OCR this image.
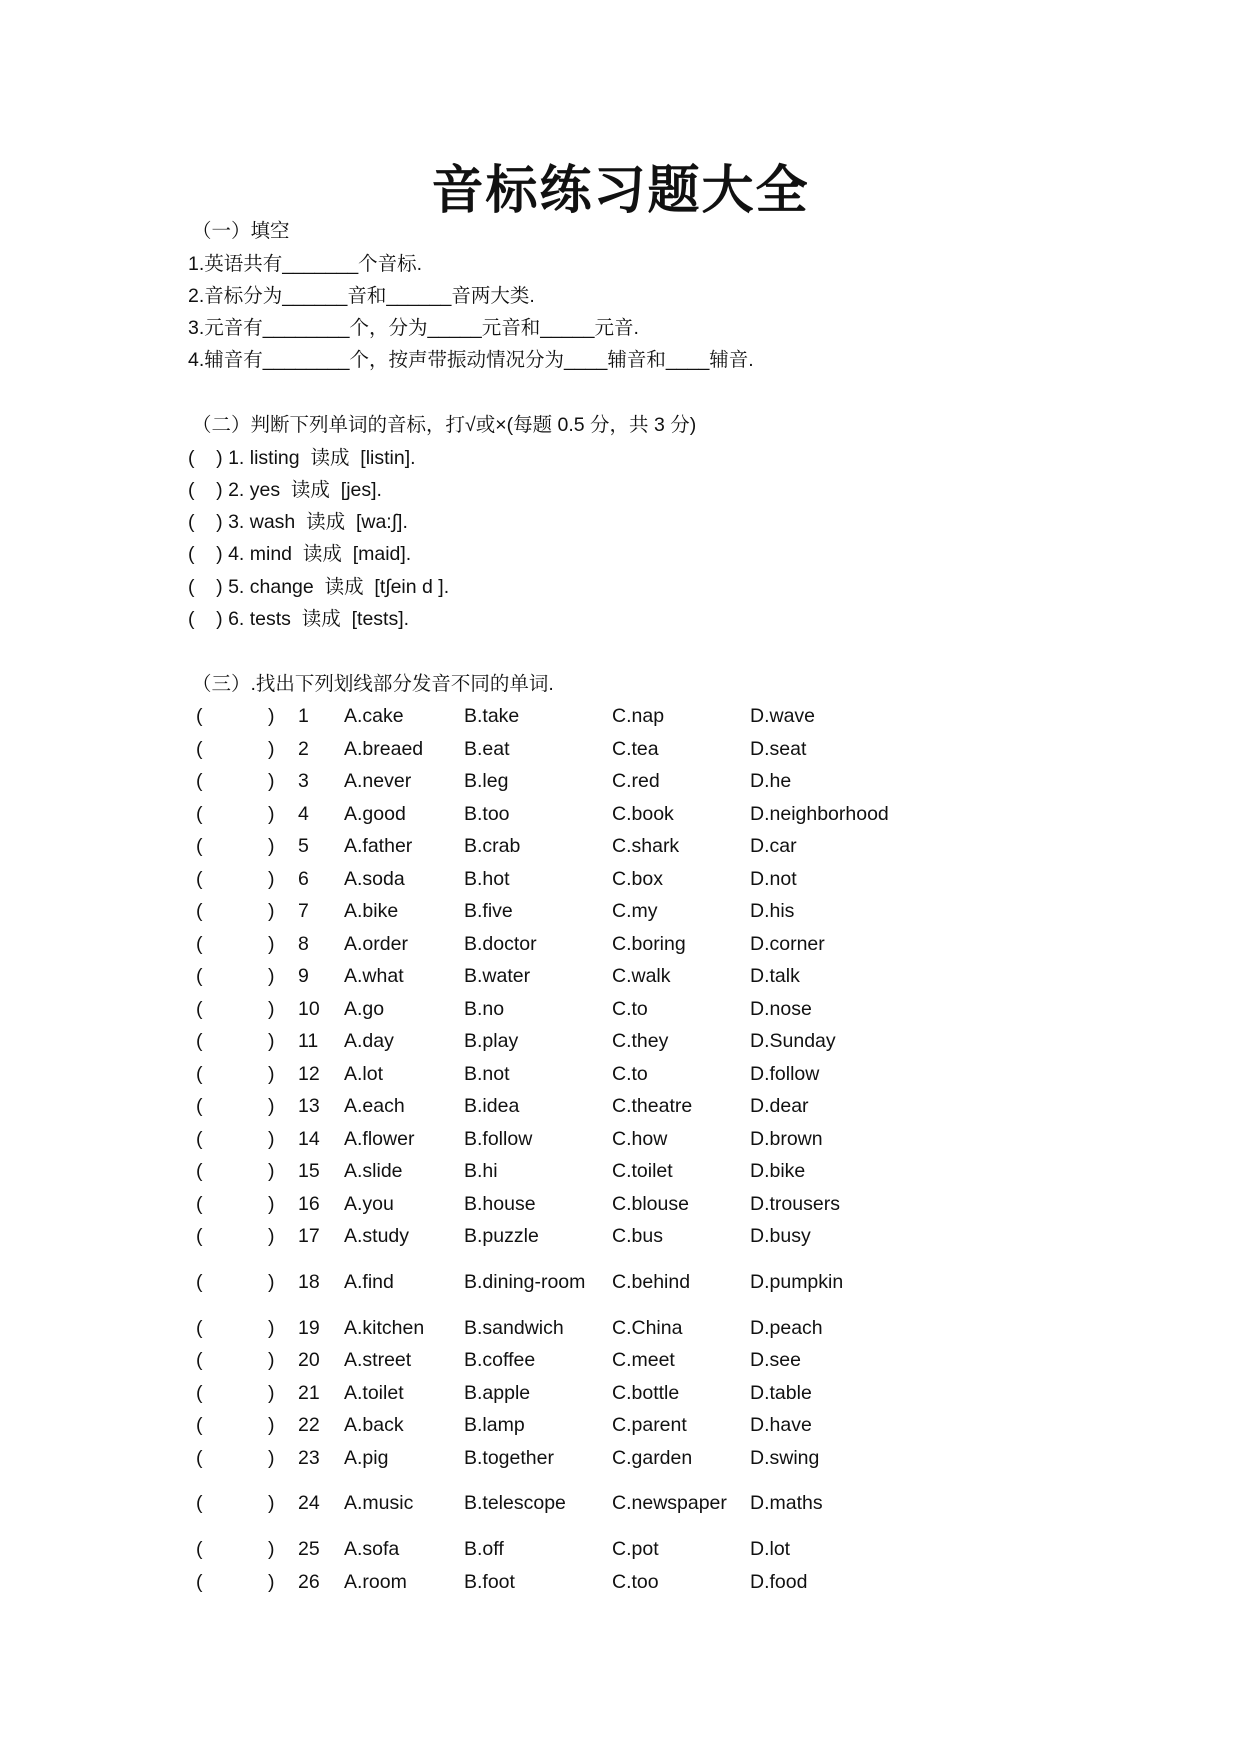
音标练习题大全
（一）填空
1.英语共有_______个音标.
2.音标分为______音和______音两大类.
3.元音有________个，分为_____元音和_____元音.
4.辅音有________个，按声带振动情况分为____辅音和____辅音.
（二）判断下列单词的音标，打√或×(每题 0.5 分，共 3 分)
(    ) 1. listing  读成  [listin].
(    ) 2. yes  读成  [jes].
(    ) 3. wash  读成  [wa:∫].
(    ) 4. mind  读成  [maid].
(    ) 5. change  读成  [t∫ein d ].
(    ) 6. tests  读成  [tests].
（三）.找出下列划线部分发音不同的单词.
(	) 1 A.cake	B.take	C.nap	D.wave
(	) 2 A.breaed B.eat	C.tea	D.seat
(	) 3 A.never	B.leg	C.red	D.he
(	) 4 A.good	B.too	C.book	D.neighborhood
(	) 5 A.father	B.crab	C.shark	D.car
(	) 6 A.soda	B.hot	C.box	D.not
(	) 7 A.bike	B.five	C.my	D.his
(	) 8 A.order	B.doctor	C.boring	D.corner
(	) 9 A.what	B.water	C.walk	D.talk
(	) 10 A.go	B.no	C.to	D.nose
(	) 11 A.day	B.play	C.they	D.Sunday
(	) 12 A.lot	B.not	C.to	D.follow
(	) 13 A.each	B.idea	C.theatre	D.dear
(	) 14 A.flower	B.follow	C.how	D.brown
(	) 15 A.slide	B.hi	C.toilet	D.bike
(	) 16 A.you	B.house	C.blouse	D.trousers
(	) 17 A.study	B.puzzle	C.bus	D.busy
(	) 18 A.find	B.dining-room C.behind	D.pumpkin
(	) 19 A.kitchen B.sandwich C.China	D.peach
(	) 20 A.street	B.coffee	C.meet	D.see
(	) 21 A.toilet	B.apple	C.bottle	D.table
(	) 22 A.back	B.lamp	C.parent	D.have
(	) 23 A.pig	B.together	C.garden	D.swing
(	) 24 A.music	B.telescope C.newspaper D.maths
(	) 25 A.sofa	B.off	C.pot	D.lot
(	) 26 A.room	B.foot	C.too	D.food
